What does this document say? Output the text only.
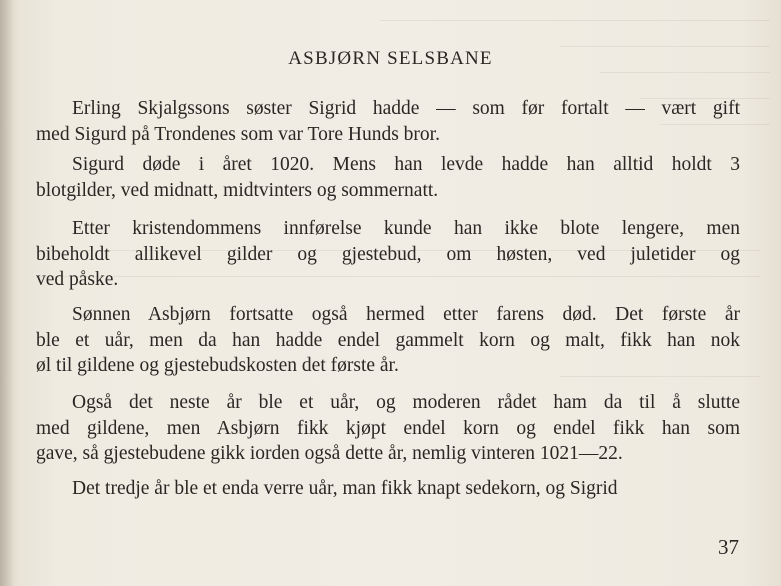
ASBJØRN SELSBANE
Erling Skjalgssons søster Sigrid hadde — som før fortalt — vært gift
med Sigurd på Trondenes som var Tore Hunds bror.
Sigurd døde i året 1020. Mens han levde hadde han alltid holdt 3
blotgilder, ved midnatt, midtvinters og sommernatt.
Etter kristendommens innførelse kunde han ikke blote lengere, men
bibeholdt allikevel gilder og gjestebud, om høsten, ved juletider og
ved påske.
Sønnen Asbjørn fortsatte også hermed etter farens død. Det første år
ble et uår, men da han hadde endel gammelt korn og malt, fikk han nok
øl til gildene og gjestebudskosten det første år.
Også det neste år ble et uår, og moderen rådet ham da til å slutte
med gildene, men Asbjørn fikk kjøpt endel korn og endel fikk han som
gave, så gjestebudene gikk iorden også dette år, nemlig vinteren 1021—22.
Det tredje år ble et enda verre uår, man fikk knapt sedekorn, og Sigrid
37
